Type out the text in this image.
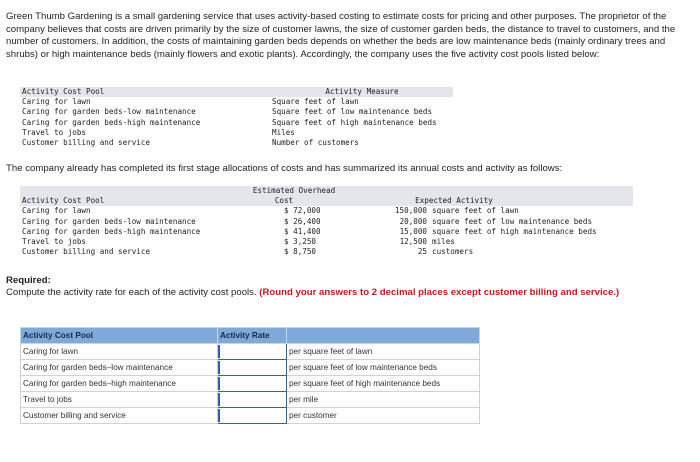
Green Thumb Gardening is a small gardening service that uses activity-based costing to estimate costs for pricing and other purposes. The proprietor of the company believes that costs are driven primarily by the size of customer lawns, the size of customer garden beds, the distance to travel to customers, and the number of customers. In addition, the costs of maintaining garden beds depends on whether the beds are low maintenance beds (mainly ordinary trees and shrubs) or high maintenance beds (mainly flowers and exotic plants). Accordingly, the company uses the five activity cost pools listed below:
Activity Cost Pool	Activity Measure
Caring for lawn	Square feet of lawn
Caring for garden beds-low maintenance	Square feet of low maintenance beds
Caring for garden beds-high maintenance	Square feet of high maintenance beds
Travel to jobs	Miles
Customer billing and service	Number of customers
The company already has completed its first stage allocations of costs and has summarized its annual costs and activity as follows:
Estimated Overhead
Activity Cost Pool	Cost	Expected Activity
Caring for lawn	$ 72,000	150,000 square feet of lawn
Caring for garden beds-low maintenance	$ 26,400	20,000 square feet of low maintenance beds
Caring for garden beds-high maintenance	$ 41,400	15,000 square feet of high maintenance beds
Travel to jobs	$ 3,250	12,500 miles
Customer billing and service	$ 8,750	25 customers
Required:
Compute the activity rate for each of the activity cost pools. (Round your answers to 2 decimal places except customer billing and service.)
Activity Cost Pool	Activity Rate	
Caring for lawn		per square feet of lawn
Caring for garden beds–low maintenance		per square feet of low maintenance beds
Caring for garden beds–high maintenance		per square feet of high maintenance beds
Travel to jobs		per mile
Customer billing and service		per customer
